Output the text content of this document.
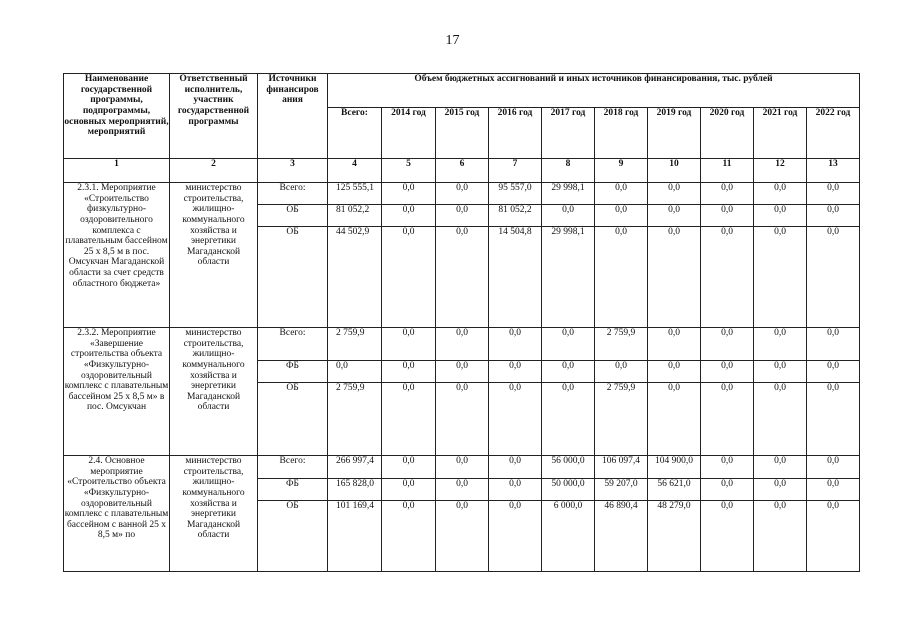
17
Наименование государственной программы, подпрограммы, основных мероприятий, мероприятий	Ответственный исполнитель, участник государственной программы	Источники финансиров ания	Объем бюджетных ассигнований и иных источников финансирования, тыс. рублей									
			Всего:	2014 год	2015 год	2016 год	2017 год	2018 год	2019 год	2020 год	2021 год	2022 год
1	2	3	4	5	6	7	8	9	10	11	12	13
2.3.1. Мероприятие «Строительство физкультурно-оздоровительного комплекса с плавательным бассейном 25 х 8,5 м в пос. Омсукчан Магаданской области за счет средств областного бюджета»	министерство строительства, жилищно-коммунального хозяйства и энергетики Магаданской области	Всего:	125 555,1	0,0	0,0	95 557,0	29 998,1	0,0	0,0	0,0	0,0	0,0
		ОБ	81 052,2	0,0	0,0	81 052,2	0,0	0,0	0,0	0,0	0,0	0,0
		ОБ	44 502,9	0,0	0,0	14 504,8	29 998,1	0,0	0,0	0,0	0,0	0,0
2.3.2. Мероприятие «Завершение строительства объекта «Физкультурно-оздоровительный комплекс с плавательным бассейном 25 х 8,5 м» в пос. Омсукчан	министерство строительства, жилищно-коммунального хозяйства и энергетики Магаданской области	Всего:	2 759,9	0,0	0,0	0,0	0,0	2 759,9	0,0	0,0	0,0	0,0
		ФБ	0,0	0,0	0,0	0,0	0,0	0,0	0,0	0,0	0,0	0,0
		ОБ	2 759,9	0,0	0,0	0,0	0,0	2 759,9	0,0	0,0	0,0	0,0
2.4. Основное мероприятие «Строительство объекта «Физкультурно-оздоровительный комплекс с плавательным бассейном с ванной 25 х 8,5 м» по	министерство строительства, жилищно-коммунального хозяйства и энергетики Магаданской области	Всего:	266 997,4	0,0	0,0	0,0	56 000,0	106 097,4	104 900,0	0,0	0,0	0,0
		ФБ	165 828,0	0,0	0,0	0,0	50 000,0	59 207,0	56 621,0	0,0	0,0	0,0
		ОБ	101 169,4	0,0	0,0	0,0	6 000,0	46 890,4	48 279,0	0,0	0,0	0,0
